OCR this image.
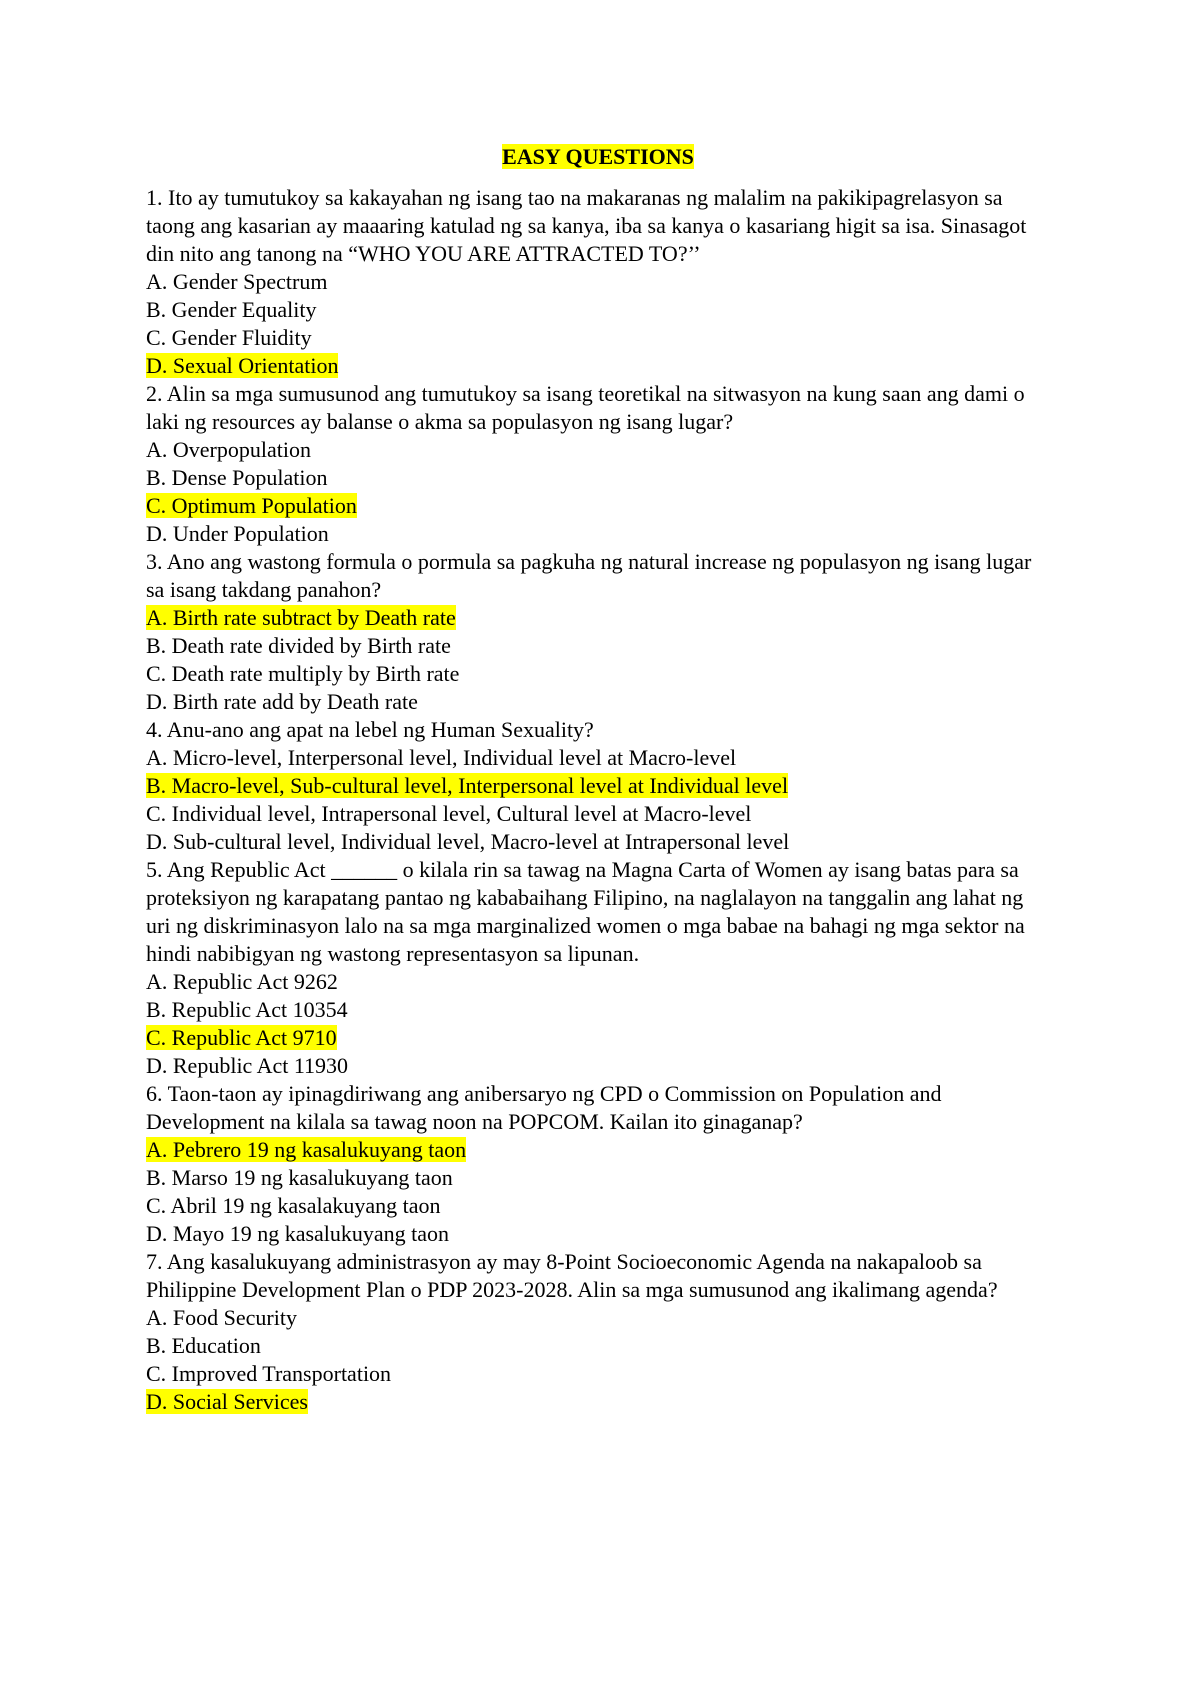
EASY QUESTIONS
1. Ito ay tumutukoy sa kakayahan ng isang tao na makaranas ng malalim na pakikipagrelasyon sa taong ang kasarian ay maaaring katulad ng sa kanya, iba sa kanya o kasariang higit sa isa. Sinasagot din nito ang tanong na “WHO YOU ARE ATTRACTED TO?’’
A. Gender Spectrum
B. Gender Equality
C. Gender Fluidity
D. Sexual Orientation
2. Alin sa mga sumusunod ang tumutukoy sa isang teoretikal na sitwasyon na kung saan ang dami o laki ng resources ay balanse o akma sa populasyon ng isang lugar?
A. Overpopulation
B. Dense Population
C. Optimum Population
D. Under Population
3. Ano ang wastong formula o pormula sa pagkuha ng natural increase ng populasyon ng isang lugar sa isang takdang panahon?
A. Birth rate subtract by Death rate
B. Death rate divided by Birth rate
C. Death rate multiply by Birth rate
D. Birth rate add by Death rate
4. Anu-ano ang apat na lebel ng Human Sexuality?
A. Micro-level, Interpersonal level, Individual level at Macro-level
B. Macro-level, Sub-cultural level, Interpersonal level at Individual level
C. Individual level, Intrapersonal level, Cultural level at Macro-level
D. Sub-cultural level, Individual level, Macro-level at Intrapersonal level
5. Ang Republic Act ______ o kilala rin sa tawag na Magna Carta of Women ay isang batas para sa proteksiyon ng karapatang pantao ng kababaihang Filipino, na naglalayon na tanggalin ang lahat ng uri ng diskriminasyon lalo na sa mga marginalized women o mga babae na bahagi ng mga sektor na hindi nabibigyan ng wastong representasyon sa lipunan.
A. Republic Act 9262
B. Republic Act 10354
C. Republic Act 9710
D. Republic Act 11930
6. Taon-taon ay ipinagdiriwang ang anibersaryo ng CPD o Commission on Population and Development na kilala sa tawag noon na POPCOM. Kailan ito ginaganap?
A. Pebrero 19 ng kasalukuyang taon
B. Marso 19 ng kasalukuyang taon
C. Abril 19 ng kasalakuyang taon
D. Mayo 19 ng kasalukuyang taon
7. Ang kasalukuyang administrasyon ay may 8-Point Socioeconomic Agenda na nakapaloob sa Philippine Development Plan o PDP 2023-2028. Alin sa mga sumusunod ang ikalimang agenda?
A. Food Security
B. Education
C. Improved Transportation
D. Social Services
